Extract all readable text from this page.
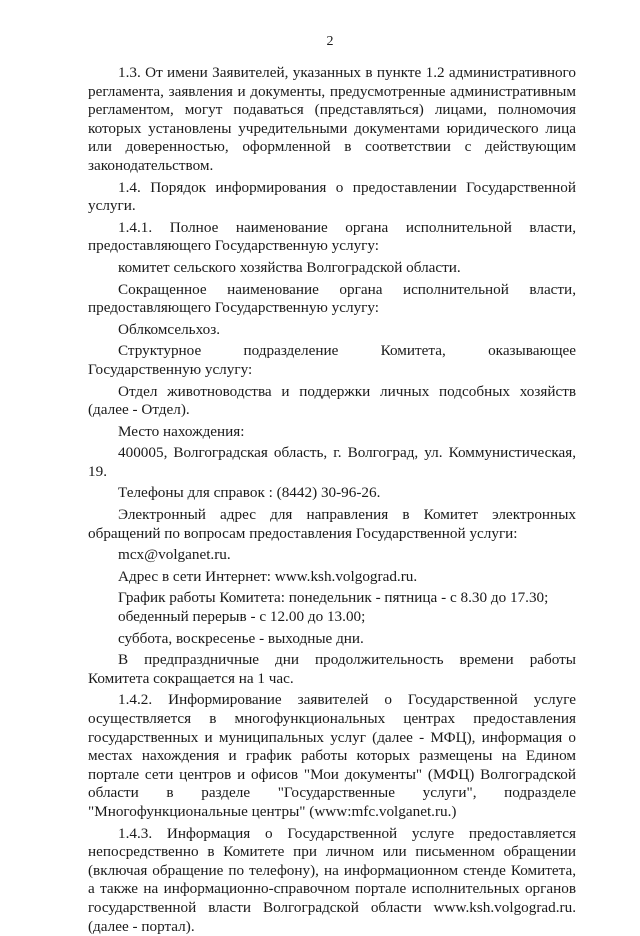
2

1.3. От имени Заявителей, указанных в пункте 1.2 административного регламента, заявления и документы, предусмотренные административным регламентом, могут подаваться (представляться) лицами, полномочия которых установлены учредительными документами юридического лица или доверенностью, оформленной в соответствии с действующим законодательством.

1.4. Порядок информирования о предоставлении Государственной услуги.

1.4.1. Полное наименование органа исполнительной власти, предоставляющего Государственную услугу:

комитет сельского хозяйства Волгоградской области.

Сокращенное наименование органа исполнительной власти, предоставляющего Государственную услугу:

Облкомсельхоз.

Структурное подразделение Комитета, оказывающее Государственную услугу:

Отдел животноводства и поддержки личных подсобных хозяйств (далее - Отдел).

Место нахождения:

400005, Волгоградская область, г. Волгоград, ул. Коммунистическая, 19.

Телефоны для справок : (8442) 30-96-26.

Электронный адрес для направления в Комитет электронных обращений по вопросам предоставления Государственной услуги:

mcx@volganet.ru.

Адрес в сети Интернет: www.ksh.volgograd.ru.

График работы Комитета: понедельник - пятница - с 8.30 до 17.30;

обеденный перерыв - с 12.00 до 13.00;

суббота, воскресенье - выходные дни.

В предпраздничные дни продолжительность времени работы Комитета сокращается на 1 час.

1.4.2. Информирование заявителей о Государственной услуге осуществляется в многофункциональных центрах предоставления государственных и муниципальных услуг (далее - МФЦ), информация о местах нахождения и график работы которых размещены на Едином портале сети центров и офисов "Мои документы" (МФЦ) Волгоградской области в разделе "Государственные услуги", подразделе "Многофункциональные центры" (www:mfc.volganet.ru.)

1.4.3. Информация о Государственной услуге предоставляется непосредственно в Комитете при личном или письменном обращении (включая обращение по телефону), на информационном стенде Комитета, а также на информационно-справочном портале исполнительных органов государственной власти Волгоградской области www.ksh.volgograd.ru. (далее - портал).
